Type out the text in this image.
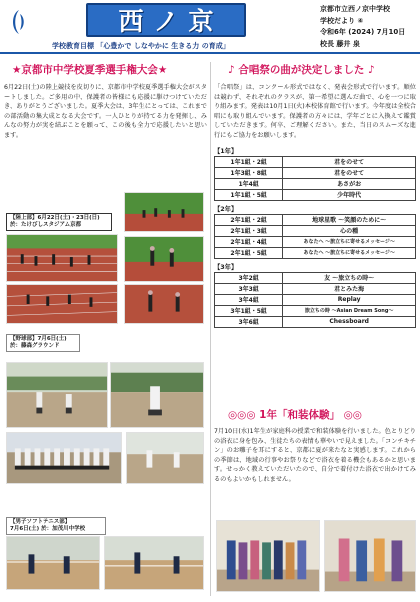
西ノ京
学校教育目標 「心豊かで しなやかに 生きる力 の育成」
京都市立西ノ京中学校
学校だより ④
令和6年 (2024) 7月10日
校長 藤井 泉
★京都市中学校夏季選手権大会★

6月22日(土)の陸上競技を皮切りに、京都市中学校夏季選手権大会がスタートしました。ご多用の中、保護者の皆様にも応援に駆けつけていただき、ありがとうございました。夏季大会は、3年生にとっては、これまでの部活動の集大成となる大会です。一人ひとりが持てる力を発揮し、みんなの努力が実を結ぶことを願って、この後も全力で応援したいと思います。

【陸上部】6月22日(土)・23日(日)
於：たけびしスタジアム京都
【野球部】7月6日(土)
於：藤森グラウンド
【男子ソフトテニス部】
7月6日(土) 於：加茂川中学校
♪ 合唱祭の曲が決定しました ♪

「合唱祭」は、コンクール形式ではなく、発表会形式で行います。順位は競わず、それぞれのクラスが、第一希望に選んだ曲で、心を一つに取り組みます。発表は10月1日(火)本校体育館で行います。今年度は全校合唱にも取り組んでいます。保護者の方々には、学年ごとに入換えて鑑賞していただきます。何卒、ご理解ください。また、当日のスムーズな進行にもご協力をお願いします。

【1年】
1年1組・2組	君をのせて
1年3組・8組	君をのせて
1年4組	あさがお
1年1組・5組	少年時代
【2年】
2年1組・2組	地球星歌 〜笑顔のために〜
2年1組・3組	心の種
2年1組・4組	あなたへ 〜旅立ちに寄せるメッセージ〜
2年1組・5組	あなたへ 〜旅立ちに寄せるメッセージ〜
【3年】
3年2組	友 〜旅立ちの時〜
3年3組	君とみた海
3年4組	Replay
3年1組・5組	旅立ちの時 〜Asian Dream Song〜
3年6組	Chessboard
◎◎◎ 1年「和装体験」 ◎◎

7月10日(水)1年生が家庭科の授業で和装体験を行いました。色とりどりの浴衣に身を包み、生徒たちの表情も華やいで見えました。「コンチキチン」のお囃子を耳にすると、京都に夏が来たなと実感します。これからの季節は、地域の行事やお祭りなどで浴衣を着る機会もあるかと思います。せっかく教えていただいたので、自分で着付けた浴衣で出かけてみるのもよいかもしれません。
